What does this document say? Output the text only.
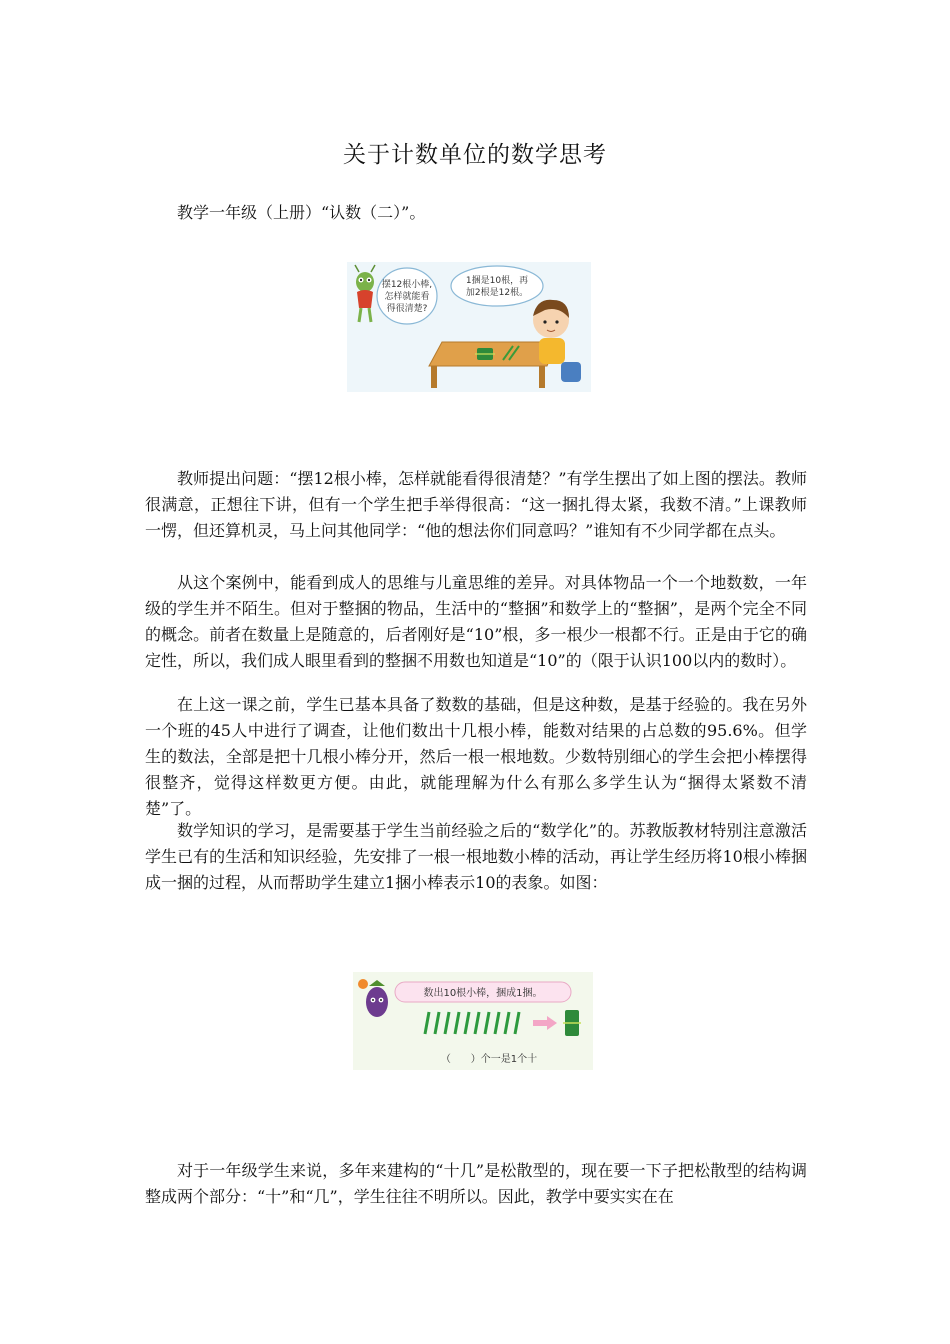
关于计数单位的数学思考

教学一年级（上册）“认数（二）”。

摆12根小棒,
怎样就能看
得很清楚?
1捆是10根，再
加2根是12根。

教师提出问题：“摆12根小棒，怎样就能看得很清楚？”有学生摆出了如上图的摆法。教师很满意，正想往下讲，但有一个学生把手举得很高：“这一捆扎得太紧，我数不清。”上课教师一愣，但还算机灵，马上问其他同学：“他的想法你们同意吗？”谁知有不少同学都在点头。

从这个案例中，能看到成人的思维与儿童思维的差异。对具体物品一个一个地数数，一年级的学生并不陌生。但对于整捆的物品，生活中的“整捆”和数学上的“整捆”，是两个完全不同的概念。前者在数量上是随意的，后者刚好是“10”根，多一根少一根都不行。正是由于它的确定性，所以，我们成人眼里看到的整捆不用数也知道是“10”的（限于认识100以内的数时）。

在上这一课之前，学生已基本具备了数数的基础，但是这种数，是基于经验的。我在另外一个班的45人中进行了调查，让他们数出十几根小棒，能数对结果的占总数的95.6%。但学生的数法，全部是把十几根小棒分开，然后一根一根地数。少数特别细心的学生会把小棒摆得很整齐，觉得这样数更方便。由此，就能理解为什么有那么多学生认为“捆得太紧数不清楚”了。

数学知识的学习，是需要基于学生当前经验之后的“数学化”的。苏教版教材特别注意激活学生已有的生活和知识经验，先安排了一根一根地数小棒的活动，再让学生经历将10根小棒捆成一捆的过程，从而帮助学生建立1捆小棒表示10的表象。如图：

数出10根小棒，捆成1捆。
（　　）个一是1个十

对于一年级学生来说，多年来建构的“十几”是松散型的，现在要一下子把松散型的结构调整成两个部分：“十”和“几”，学生往往不明所以。因此，教学中要实实在在
